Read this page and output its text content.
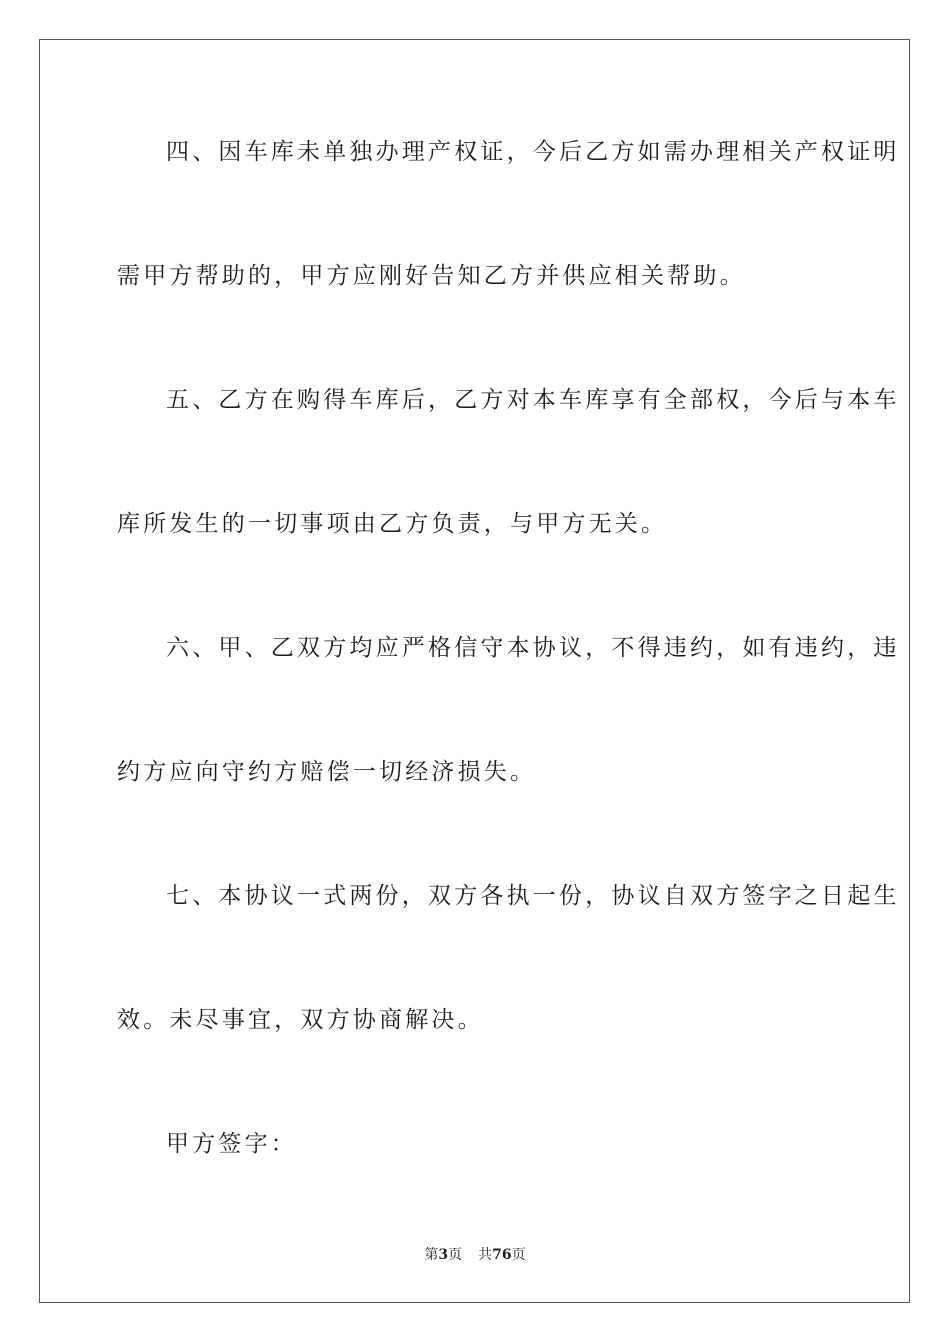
四、因车库未单独办理产权证，今后乙方如需办理相关产权证明
需甲方帮助的，甲方应刚好告知乙方并供应相关帮助。
五、乙方在购得车库后，乙方对本车库享有全部权，今后与本车
库所发生的一切事项由乙方负责，与甲方无关。
六、甲、乙双方均应严格信守本协议，不得违约，如有违约，违
约方应向守约方赔偿一切经济损失。
七、本协议一式两份，双方各执一份，协议自双方签字之日起生
效。未尽事宜，双方协商解决。
甲方签字：
第3页 共76页
